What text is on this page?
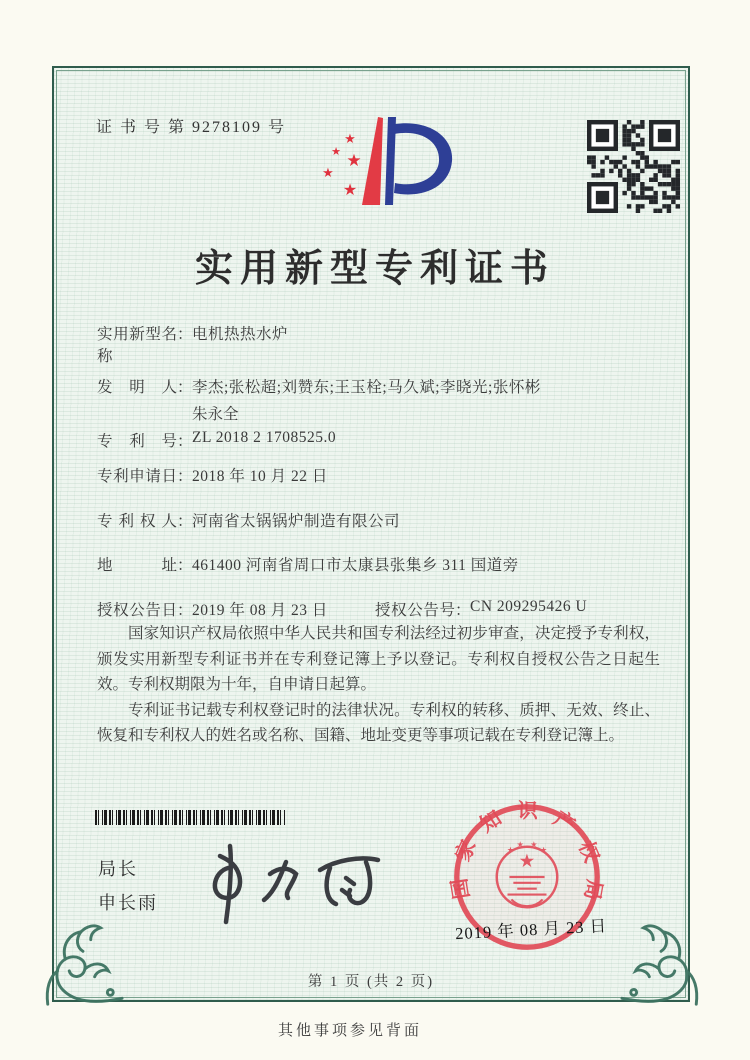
证 书 号 第 9278109 号
★
★ ★
★
★
实用新型专利证书
实用新型名称：电机热热水炉
发明人：李杰;张松超;刘赞东;王玉栓;马久斌;李晓光;张怀彬
朱永全
专利号：ZL 2018 2 1708525.0
专利申请日：2018 年 10 月 22 日
专利权人：河南省太锅锅炉制造有限公司
地址：461400 河南省周口市太康县张集乡 311 国道旁
授权公告日：2019 年 08 月 23 日	授权公告号：CN 209295426 U

国家知识产权局依照中华人民共和国专利法经过初步审查，决定授予专利权，颁发实用新型专利证书并在专利登记簿上予以登记。专利权自授权公告之日起生效。专利权期限为十年，自申请日起算。

专利证书记载专利权登记时的法律状况。专利权的转移、质押、无效、终止、恢复和专利权人的姓名或名称、国籍、地址变更等事项记载在专利登记簿上。

局长
申长雨
国家知识产权局
★
★
★ ★
★
2019 年 08 月 23 日
第 1 页 (共 2 页)
其他事项参见背面
